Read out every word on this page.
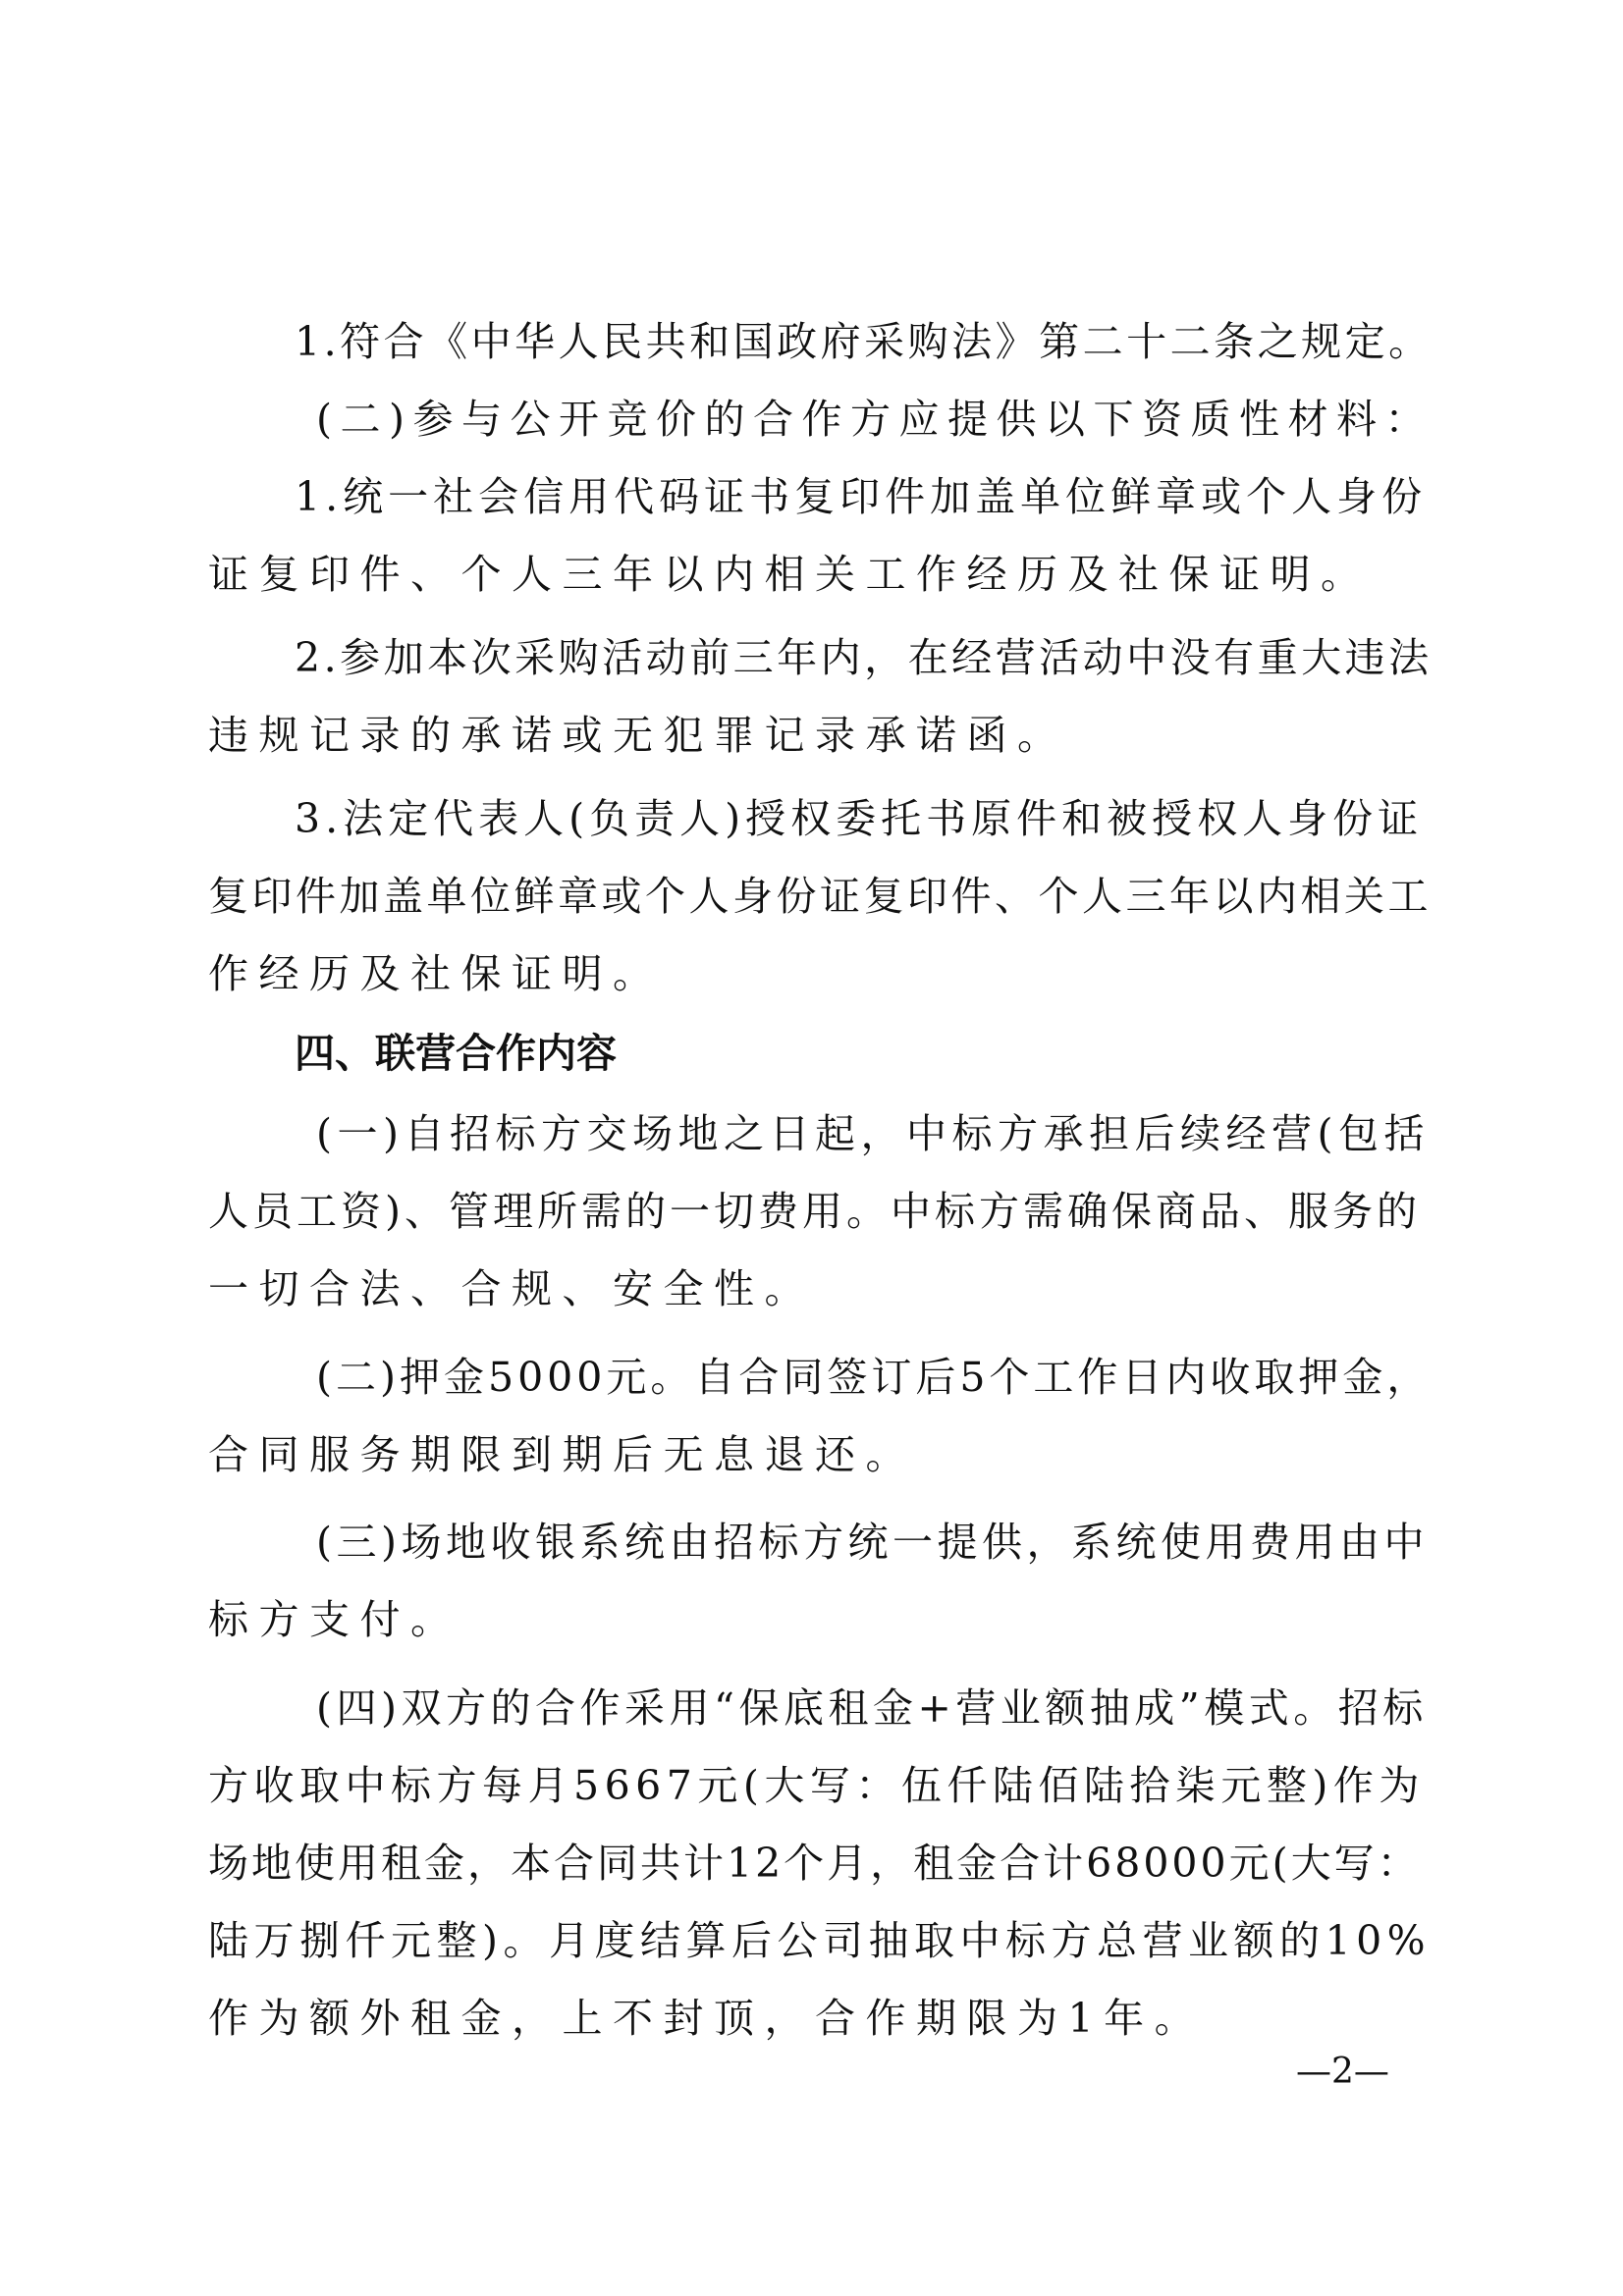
1.符合《中华人民共和国政府采购法》第二十二条之规定。
(二)参与公开竞价的合作方应提供以下资质性材料：
1.统一社会信用代码证书复印件加盖单位鲜章或个人身份
证复印件、个人三年以内相关工作经历及社保证明。
2.参加本次采购活动前三年内，在经营活动中没有重大违法
违规记录的承诺或无犯罪记录承诺函。
3.法定代表人(负责人)授权委托书原件和被授权人身份证
复印件加盖单位鲜章或个人身份证复印件、个人三年以内相关工
作经历及社保证明。
四、联营合作内容
(一)自招标方交场地之日起，中标方承担后续经营(包括
人员工资)、管理所需的一切费用。中标方需确保商品、服务的
一切合法、合规、安全性。
(二)押金5000元。自合同签订后5个工作日内收取押金，
合同服务期限到期后无息退还。
(三)场地收银系统由招标方统一提供，系统使用费用由中
标方支付。
(四)双方的合作采用“保底租金+营业额抽成”模式。招标
方收取中标方每月5667元(大写：伍仟陆佰陆拾柒元整)作为
场地使用租金，本合同共计12个月，租金合计68000元(大写：
陆万捌仟元整)。月度结算后公司抽取中标方总营业额的10%
作为额外租金，上不封顶，合作期限为1年。
—2—
